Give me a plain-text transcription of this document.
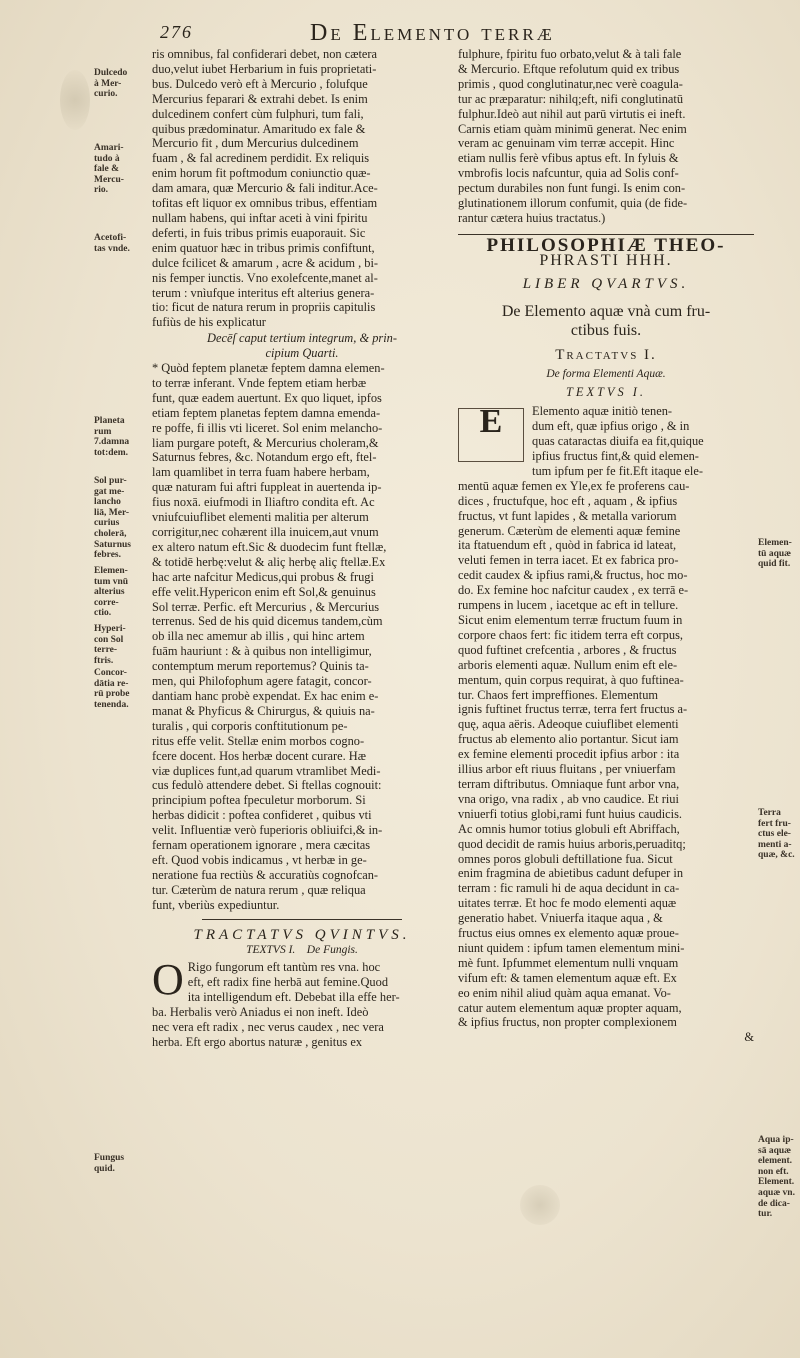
276	De Elemento terræ
Dulcedo
à Mer-
curio.
Amari-
tudo à
fale &
Mercu-
rio.
Acetofi-
tas vnde.
Planeta
rum
7.damna
tot:dem.
Sol pur-
gat me-
lancho
liā, Mer-
curius
cholerā,
Saturnus
febres.
Elemen-
tum vnū
alterius
corre-
ctio.
Hyperi-
con Sol
terre-
ftris.
Concor-
dātia re-
rū probe
tenenda.
Fungus
quid.
Elemen-
tū aquæ
quid fit.
Terra
fert fru-
ctus ele-
menti a-
quæ, &c.
Aqua ip-
sā aquæ
element.
non eft.
Element.
aquæ vn.
de dica-
tur.
ris omnibus, fal confiderari debet, non cætera
duo,velut iubet Herbarium in fuis proprietati-
bus. Dulcedo verò eft à Mercurio , folufque
Mercurius feparari & extrahi debet. Is enim
dulcedinem confert cùm fulphuri, tum fali,
quibus prædominatur. Amaritudo ex fale &
Mercurio fit , dum Mercurius dulcedinem
fuam , & fal acredinem perdidit. Ex reliquis
enim horum fit poftmodum coniunctio quæ-
dam amara, quæ Mercurio & fali inditur.Ace-
tofitas eft liquor ex omnibus tribus, effentiam
nullam habens, qui inftar aceti à vini fpiritu
deferti, in fuis tribus primis euaporauit. Sic
enim quatuor hæc in tribus primis confiftunt,
dulce fcilicet & amarum , acre & acidum , bi-
nis femper iunctis. Vno exolefcente,manet al-
terum : vnìufque interitus eft alterius genera-
tio: ficut de natura rerum in propriis capitulis
fufiùs de his explicatur
Decēſ caput tertium integrum, & prin-
cipium Quarti.
* Quòd feptem planetæ feptem damna elemen-
to terræ inferant. Vnde feptem etiam herbæ
funt, quæ eadem auertunt. Ex quo liquet, ipfos
etiam feptem planetas feptem damna emenda-
re poffe, fi illis vti liceret. Sol enim melancho-
liam purgare poteft, & Mercurius choleram,&
Saturnus febres, &c. Notandum ergo eft, ftel-
lam quamlibet in terra fuam habere herbam,
quæ naturam fui aftri fuppleat in auertenda ip-
fius noxā. eiufmodi in Iliaftro condita eft. Ac
vniufcuiuflibet elementi malitia per alterum
corrigitur,nec cohærent illa inuicem,aut vnum
ex altero natum eft.Sic & duodecim funt ftellæ,
& totidē herbę:velut & aliç herbę aliç ftellæ.Ex
hac arte nafcitur Medicus,qui probus & frugi
effe velit.Hypericon enim eft Sol,& genuinus
Sol terræ. Perfic. eft Mercurius , & Mercurius
terrenus. Sed de his quid dicemus tandem,cùm
ob illa nec amemur ab illis , qui hinc artem
fuām hauriunt : & à quibus non intelligimur,
contemptum merum reportemus? Quinis ta-
men, qui Philofophum agere fatagit, concor-
dantiam hanc probè expendat. Ex hac enim e-
manat & Phyficus & Chirurgus, & quiuis na-
turalis , qui corporis conftitutionum pe-
ritus effe velit. Stellæ enim morbos cogno-
fcere docent. Hos herbæ docent curare. Hæ
viæ duplices funt,ad quarum vtramlibet Medi-
cus fedulò attendere debet. Si ftellas cognouit:
principium poftea fpeculetur morborum. Si
herbas didicit : poftea confideret , quibus vti
velit. Influentiæ verò fuperioris obliuifci,& in-
fernam operationem ignorare , mera cæcitas
eft. Quod vobis indicamus , vt herbæ in ge-
neratione fua rectiùs & accuratiùs cognofcan-
tur. Cæterùm de natura rerum , quæ reliqua
funt, vberiùs expediuntur.
TRACTATVS QVINTVS.
TEXTVS I. De Fungis.
O Rigo fungorum eft tantùm res vna. hoc
eft, eft radix fine herbā aut femine.Quod
ita intelligendum eft. Debebat illa effe her-
ba. Herbalis verò Aniadus ei non ineft. Ideò
nec vera eft radix , nec verus caudex , nec vera
herba. Eft ergo abortus naturæ , genitus ex
fulphure, fpiritu fuo orbato,velut & à tali fale
& Mercurio. Eftque refolutum quid ex tribus
primis , quod conglutinatur,nec verè coagula-
tur ac præparatur: nihilq;eft, nifi conglutinatū
fulphur.Ideò aut nihil aut parū virtutis ei ineft.
Carnis etiam quàm minimū generat. Nec enim
veram ac genuinam vim terræ accepit. Hinc
etiam nullis ferè vfibus aptus eft. In fyluis &
vmbrofis locis nafcuntur, quia ad Solis conf-
pectum durabiles non funt fungi. Is enim con-
glutinationem illorum confumit, quia (de fide-
rantur cætera huius tractatus.)
PHILOSOPHIÆ THEO-
PHRASTI HHH.
LIBER QVARTVS.
De Elemento aquæ vnà cum fru-
ctibus fuis.
Tractatvs I.
De forma Elementi Aquæ.
TEXTVS I.
E	Elemento aquæ initiò tenen-
dum eft, quæ ipfius origo , & in
quas cataractas diuifa ea fit,quique
ipfius fructus fint,& quid elemen-
tum ipfum per fe fit.Eft itaque ele-
mentū aquæ femen ex Yle,ex fe proferens cau-
dices , fructufque, hoc eft , aquam , & ipfius
fructus, vt funt lapides , & metalla variorum
generum. Cæterùm de elementi aquæ femine
ita ftatuendum eft , quòd in fabrica id lateat,
veluti femen in terra iacet. Et ex fabrica pro-
cedit caudex & ipfius rami,& fructus, hoc mo-
do. Ex femine hoc nafcitur caudex , ex terrā e-
rumpens in lucem , iacetque ac eft in tellure.
Sicut enim elementum terræ fructum fuum in
corpore chaos fert: fic itidem terra eft corpus,
quod fuftinet crefcentia , arbores , & fructus
arboris elementi aquæ. Nullum enim eft ele-
mentum, quin corpus requirat, à quo fuftinea-
tur. Chaos fert impreffiones. Elementum
ignis fuftinet fructus terræ, terra fert fructus a-
quę, aqua aëris. Adeoque cuiuflibet elementi
fructus ab elemento alio portantur. Sicut iam
ex femine elementi procedit ipfius arbor : ita
illius arbor eft riuus fluitans , per vniuerfam
terram diftributus. Omniaque funt arbor vna,
vna origo, vna radix , ab vno caudice. Et riui
vniuerfi totius globi,rami funt huius caudicis.
Ac omnis humor totius globuli eft Abriffach,
quod decidit de ramis huius arboris,peruaditq;
omnes poros globuli deftillatione fua. Sicut
enim fragmina de abietibus cadunt defuper in
terram : fic ramuli hi de aqua decidunt in ca-
uitates terræ. Et hoc fe modo elementi aquæ
generatio habet. Vniuerfa itaque aqua , &
fructus eius omnes ex elemento aquæ proue-
niunt quidem : ipfum tamen elementum mini-
mè funt. Ipfummet elementum nulli vnquam
vifum eft: & tamen elementum aquæ eft. Ex
eo enim nihil aliud quàm aqua emanat. Vo-
catur autem elementum aquæ propter aquam,
& ipfius fructus, non propter complexionem
&
